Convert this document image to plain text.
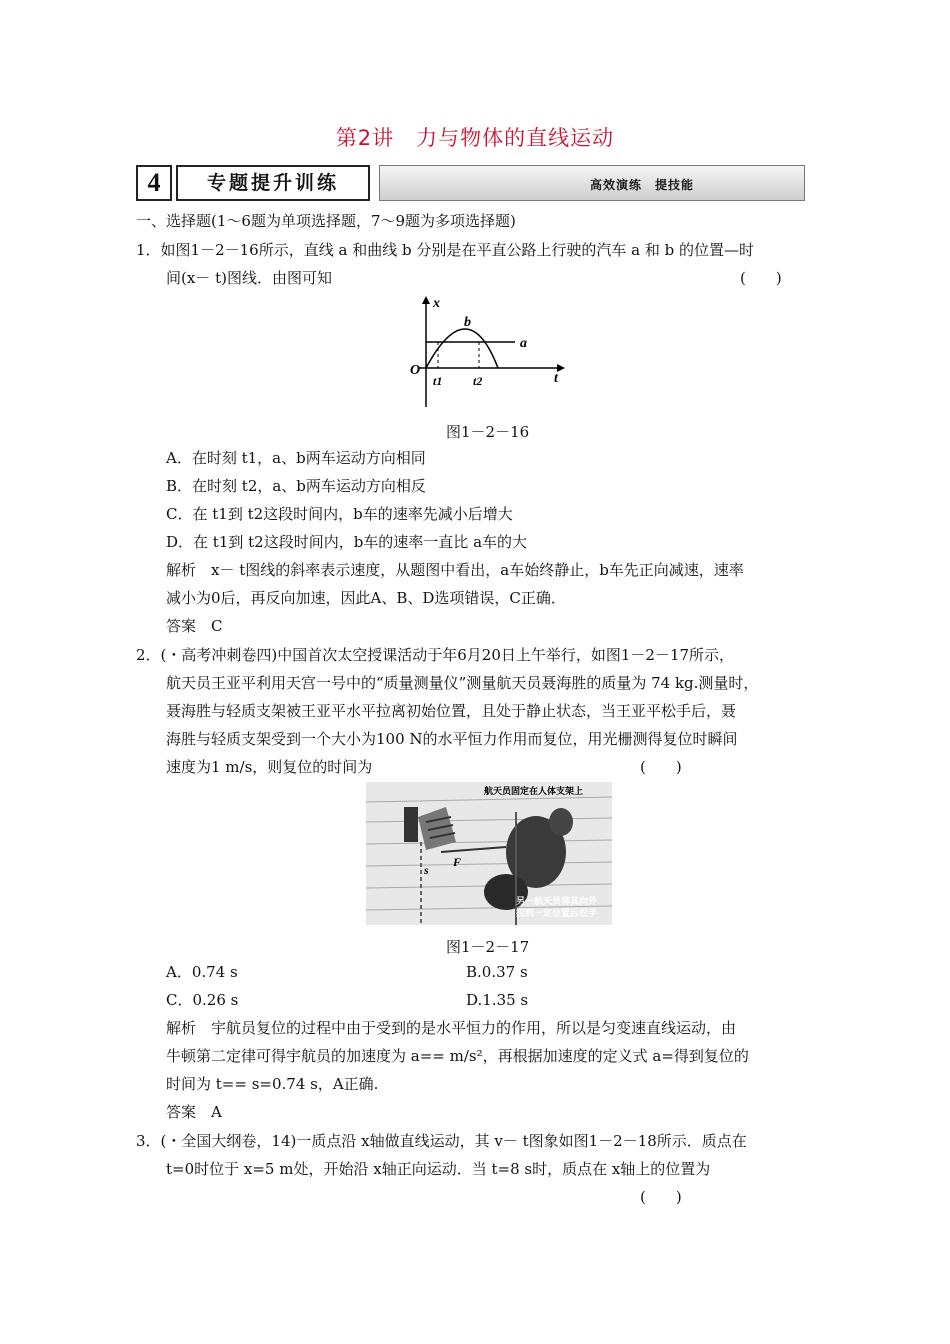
第2讲　力与物体的直线运动
4	专题提升训练	高效演练　提技能
一、选择题(1～6题为单项选择题，7～9题为多项选择题)
1．如图1－2－16所示，直线 a 和曲线 b 分别是在平直公路上行驶的汽车 a 和 b 的位置—时
间(x－ t)图线．由图可知	(　　)
x
t
O
b
a
t1	t2
图1－2－16
A．在时刻 t1，a、b两车运动方向相同
B．在时刻 t2，a、b两车运动方向相反
C．在 t1到 t2这段时间内，b车的速率先减小后增大
D．在 t1到 t2这段时间内，b车的速率一直比 a车的大
解析　x－ t图线的斜率表示速度，从题图中看出，a车始终静止，b车先正向减速，速率
减小为0后，再反向加速，因此A、B、D选项错误，C正确．
答案　C
2．(・高考冲刺卷四)中国首次太空授课活动于年6月20日上午举行，如图1－2－17所示，
航天员王亚平利用天宫一号中的“质量测量仪”测量航天员聂海胜的质量为 74 kg.测量时，
聂海胜与轻质支架被王亚平水平拉离初始位置，且处于静止状态，当王亚平松手后，聂
海胜与轻质支架受到一个大小为100 N的水平恒力作用而复位，用光栅测得复位时瞬间
速度为1 m/s，则复位的时间为	(　　)
航天员固定在人体支架上
另一航天员将其向外
拉到一定位置后松手
F
s
图1－2－17
A．0.74 s	B.0.37 s
C．0.26 s	D.1.35 s
解析　宇航员复位的过程中由于受到的是水平恒力的作用，所以是匀变速直线运动，由
牛顿第二定律可得宇航员的加速度为 a== m/s²，再根据加速度的定义式 a=得到复位的
时间为 t== s=0.74 s，A正确.
答案　A
3．(・全国大纲卷，14)一质点沿 x轴做直线运动，其 v－ t图象如图1－2－18所示．质点在
t=0时位于 x=5 m处，开始沿 x轴正向运动．当 t=8 s时，质点在 x轴上的位置为
(　　)
